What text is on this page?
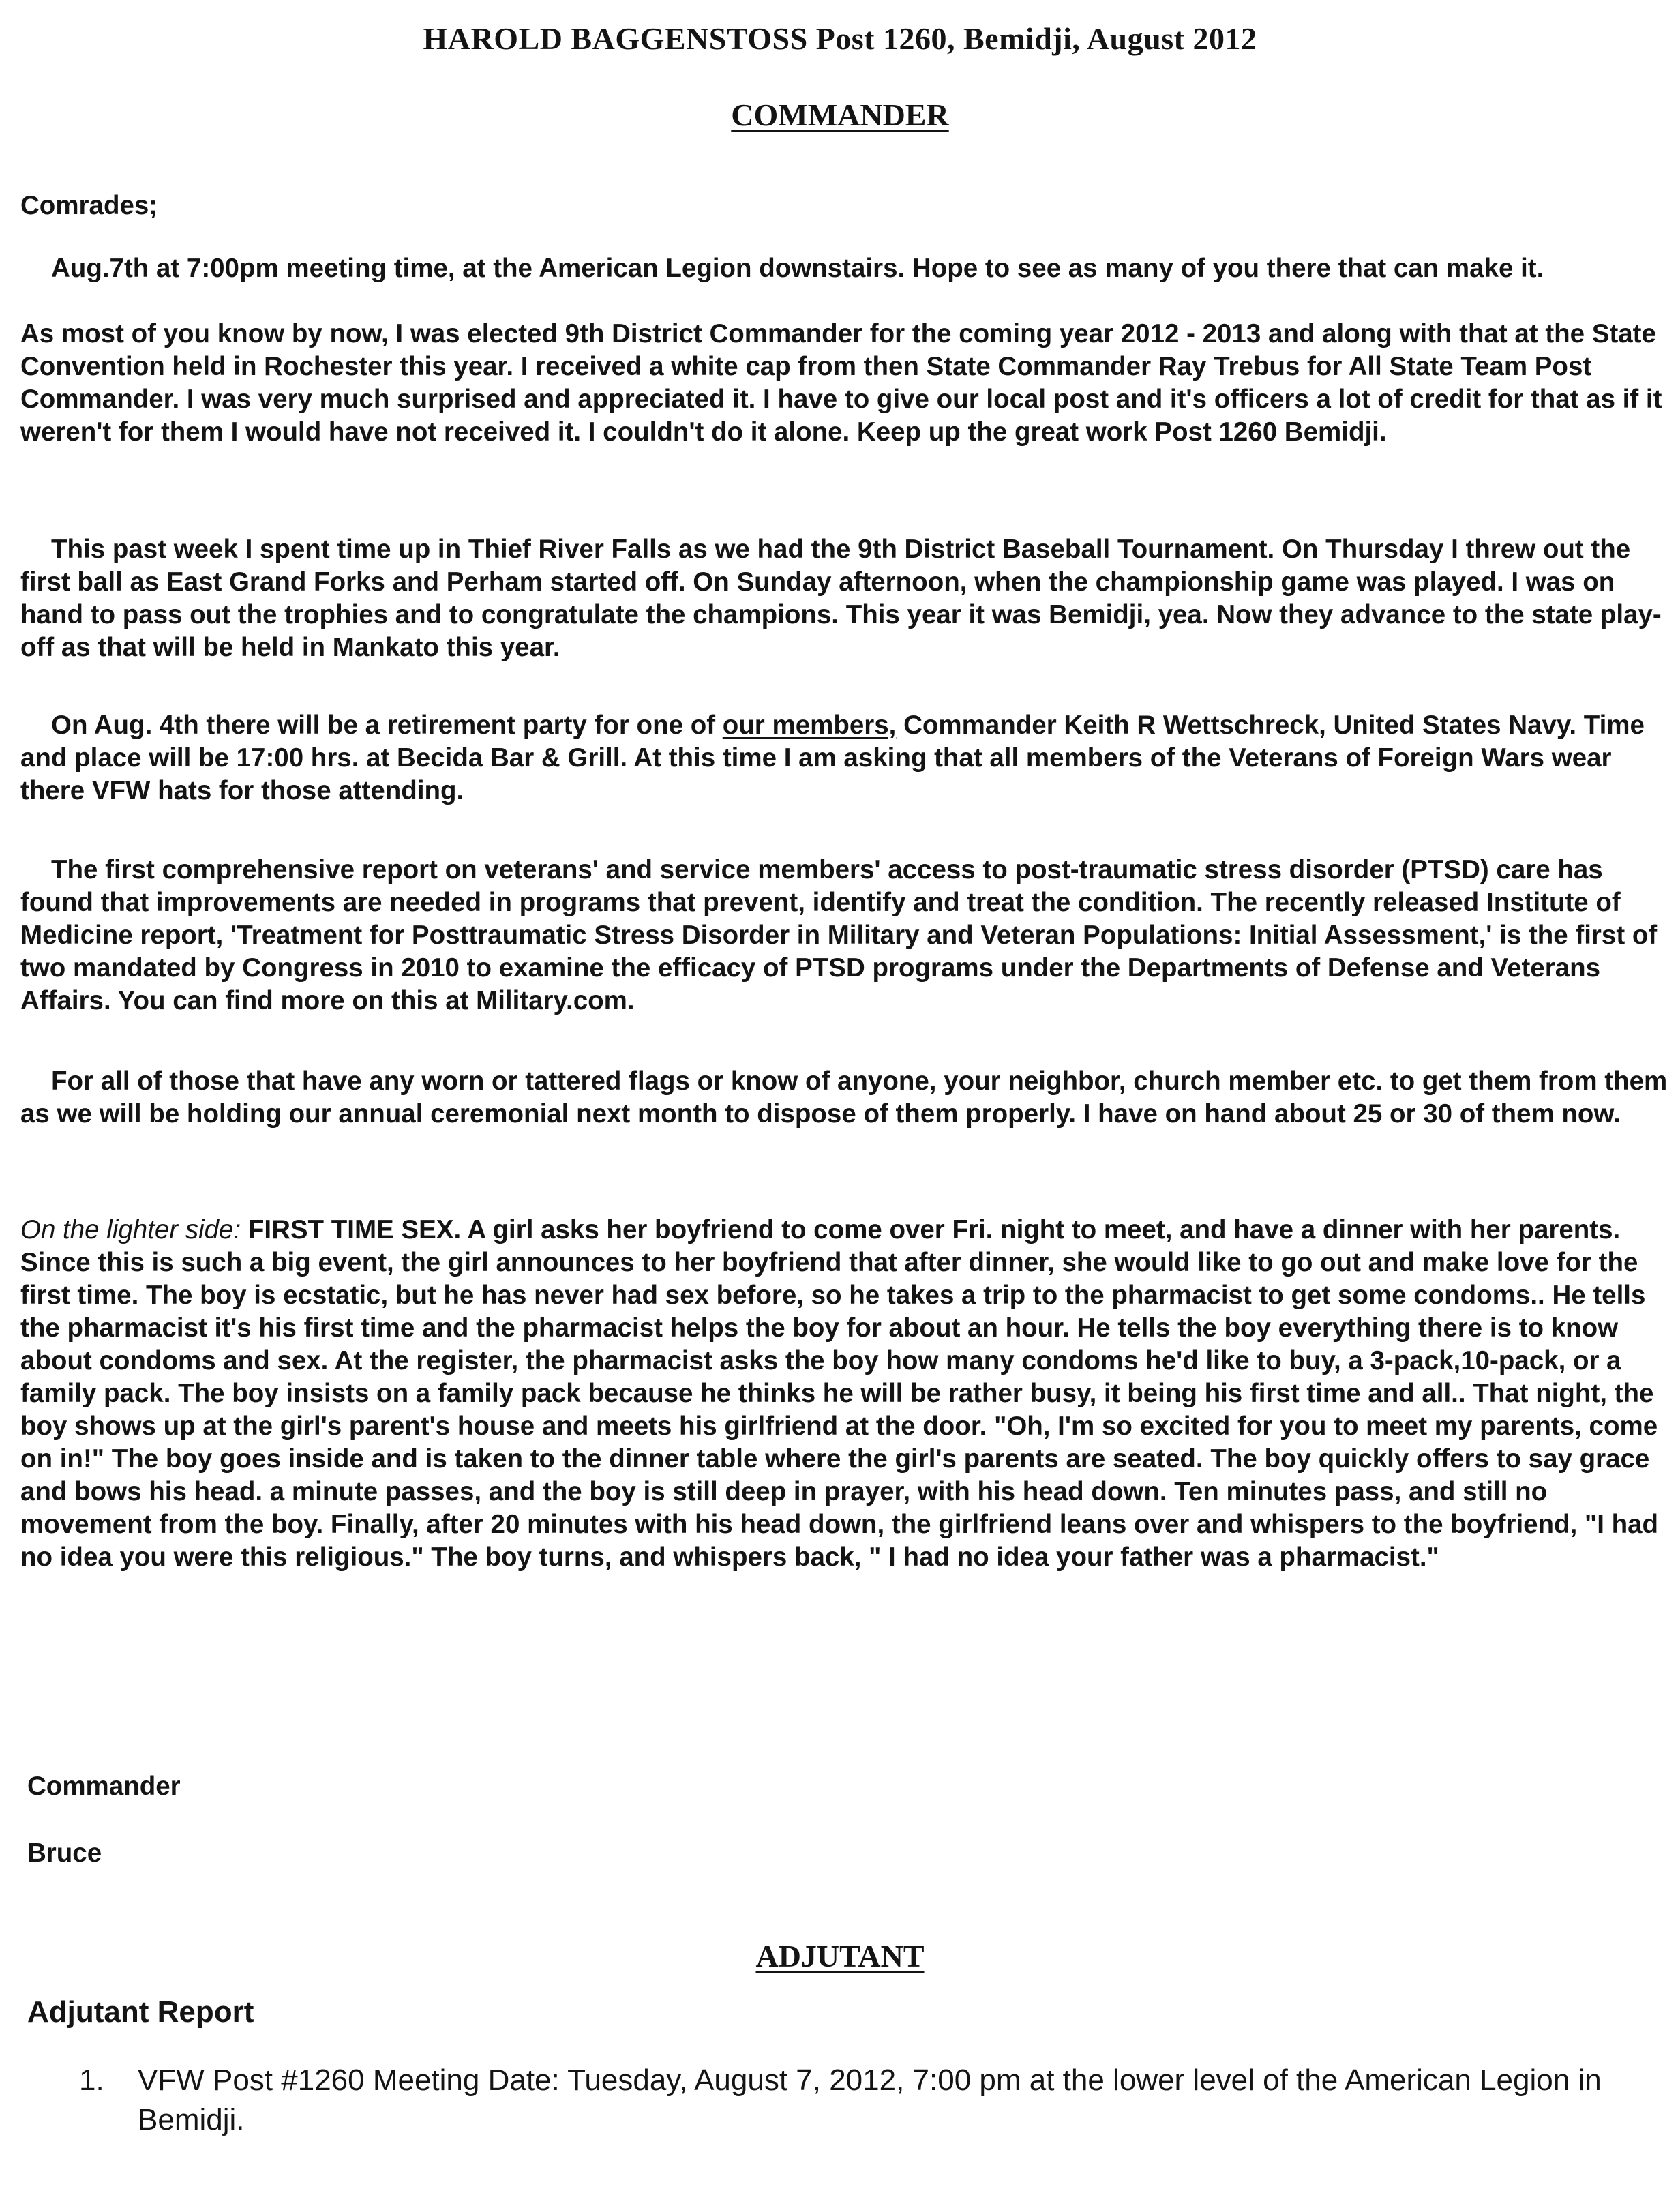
HAROLD BAGGENSTOSS Post 1260, Bemidji, August 2012
COMMANDER

Comrades;

Aug.7th at 7:00pm meeting time, at the American Legion downstairs. Hope to see as many of you there that can make it.

As most of you know by now, I was elected 9th District Commander for the coming year 2012 - 2013 and along with that at the State Convention held in Rochester this year. I received a white cap from then State Commander Ray Trebus for All State Team Post Commander. I was very much surprised and appreciated it. I have to give our local post and it's officers a lot of credit for that as if it weren't for them I would have not received it. I couldn't do it alone. Keep up the great work Post 1260 Bemidji.

This past week I spent time up in Thief River Falls as we had the 9th District Baseball Tournament. On Thursday I threw out the first ball as East Grand Forks and Perham started off. On Sunday afternoon, when the championship game was played. I was on hand to pass out the trophies and to congratulate the champions. This year it was Bemidji, yea. Now they advance to the state play-off as that will be held in Mankato this year.

On Aug. 4th there will be a retirement party for one of our members, Commander Keith R Wettschreck, United States Navy. Time and place will be 17:00 hrs. at Becida Bar & Grill. At this time I am asking that all members of the Veterans of Foreign Wars wear there VFW hats for those attending.

The first comprehensive report on veterans' and service members' access to post-traumatic stress disorder (PTSD) care has found that improvements are needed in programs that prevent, identify and treat the condition. The recently released Institute of Medicine report, 'Treatment for Posttraumatic Stress Disorder in Military and Veteran Populations: Initial Assessment,' is the first of two mandated by Congress in 2010 to examine the efficacy of PTSD programs under the Departments of Defense and Veterans Affairs. You can find more on this at Military.com.

For all of those that have any worn or tattered flags or know of anyone, your neighbor, church member etc. to get them from them as we will be holding our annual ceremonial next month to dispose of them properly. I have on hand about 25 or 30 of them now.

On the lighter side: FIRST TIME SEX. A girl asks her boyfriend to come over Fri. night to meet, and have a dinner with her parents. Since this is such a big event, the girl announces to her boyfriend that after dinner, she would like to go out and make love for the first time. The boy is ecstatic, but he has never had sex before, so he takes a trip to the pharmacist to get some condoms.. He tells the pharmacist it's his first time and the pharmacist helps the boy for about an hour. He tells the boy everything there is to know about condoms and sex. At the register, the pharmacist asks the boy how many condoms he'd like to buy, a 3-pack,10-pack, or a family pack. The boy insists on a family pack because he thinks he will be rather busy, it being his first time and all.. That night, the boy shows up at the girl's parent's house and meets his girlfriend at the door. "Oh, I'm so excited for you to meet my parents, come on in!" The boy goes inside and is taken to the dinner table where the girl's parents are seated. The boy quickly offers to say grace and bows his head. a minute passes, and the boy is still deep in prayer, with his head down. Ten minutes pass, and still no movement from the boy. Finally, after 20 minutes with his head down, the girlfriend leans over and whispers to the boyfriend, "I had no idea you were this religious." The boy turns, and whispers back, " I had no idea your father was a pharmacist."

Commander

Bruce

ADJUTANT
Adjutant Report
1. VFW Post #1260 Meeting Date: Tuesday, August 7, 2012, 7:00 pm at the lower level of the American Legion in Bemidji.
